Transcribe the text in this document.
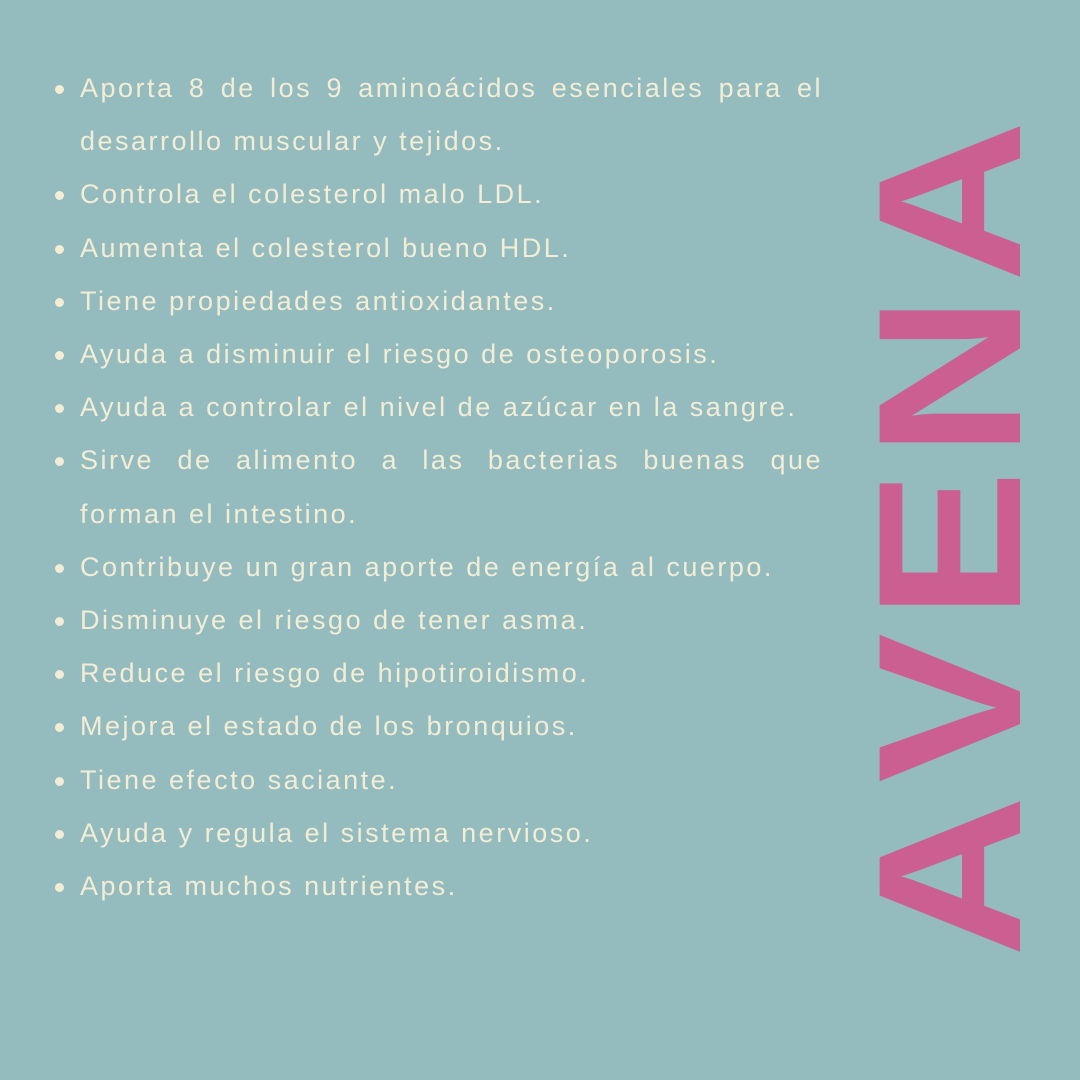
Aporta 8 de los 9 aminoácidos esenciales para el desarrollo muscular y tejidos.
Controla el colesterol malo LDL.
Aumenta el colesterol bueno HDL.
Tiene propiedades antioxidantes.
Ayuda a disminuir el riesgo de osteoporosis.
Ayuda a controlar el nivel de azúcar en la sangre.
Sirve de alimento a las bacterias buenas que forman el intestino.
Contribuye un gran aporte de energía al cuerpo.
Disminuye el riesgo de tener asma.
Reduce el riesgo de hipotiroidismo.
Mejora el estado de los bronquios.
Tiene efecto saciante.
Ayuda y regula el sistema nervioso.
Aporta muchos nutrientes.	A
V
E
N
A
